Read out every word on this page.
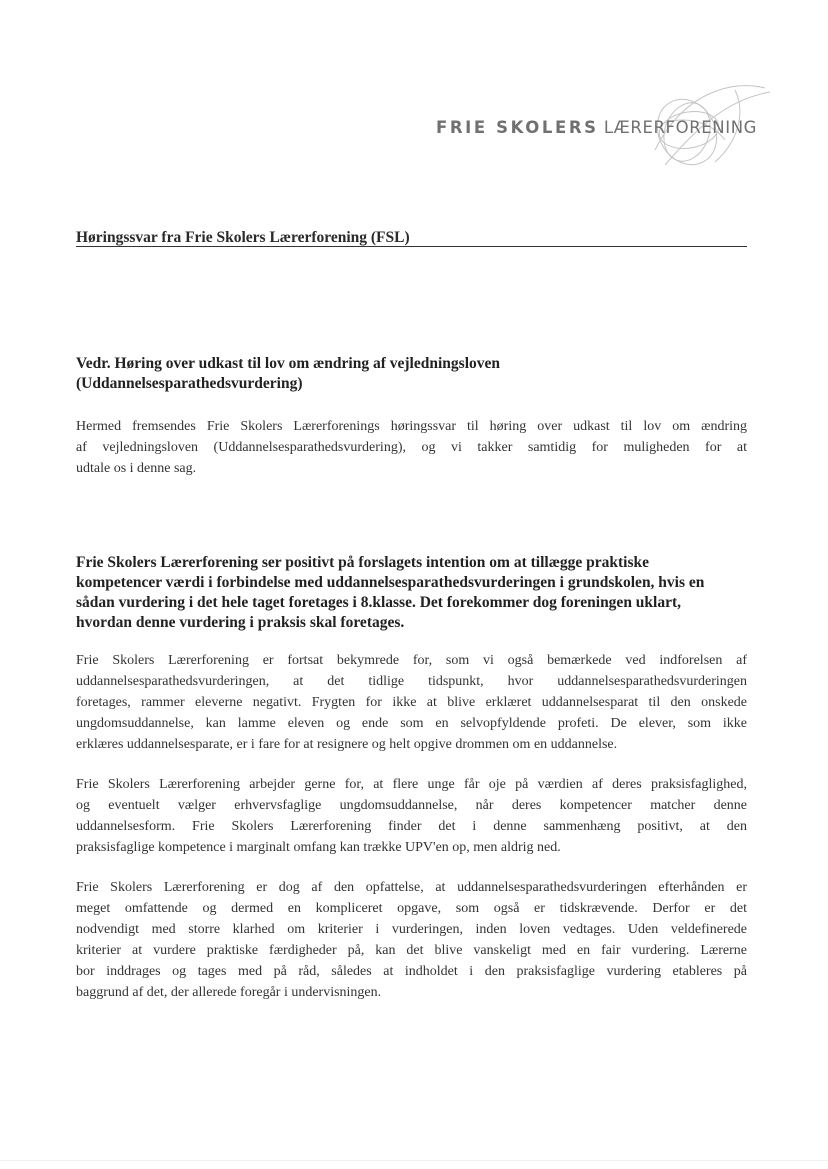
FRIE SKOLERS LÆRERFORENING
Høringssvar fra Frie Skolers Lærerforening (FSL)
Vedr. Høring over udkast til lov om ændring af vejledningsloven
(Uddannelsesparathedsvurdering)
Hermed fremsendes Frie Skolers Lærerforenings høringssvar til høring over udkast til lov om ændring
af vejledningsloven (Uddannelsesparathedsvurdering), og vi takker samtidig for muligheden for at
udtale os i denne sag.
Frie Skolers Lærerforening ser positivt på forslagets intention om at tillægge praktiske
kompetencer værdi i forbindelse med uddannelsesparathedsvurderingen i grundskolen, hvis en
sådan vurdering i det hele taget foretages i 8.klasse. Det forekommer dog foreningen uklart,
hvordan denne vurdering i praksis skal foretages.
Frie Skolers Lærerforening er fortsat bekymrede for, som vi også bemærkede ved indforelsen af
uddannelsesparathedsvurderingen, at det tidlige tidspunkt, hvor uddannelsesparathedsvurderingen
foretages, rammer eleverne negativt. Frygten for ikke at blive erklæret uddannelsesparat til den onskede
ungdomsuddannelse, kan lamme eleven og ende som en selvopfyldende profeti. De elever, som ikke
erklæres uddannelsesparate, er i fare for at resignere og helt opgive drommen om en uddannelse.
Frie Skolers Lærerforening arbejder gerne for, at flere unge får oje på værdien af deres praksisfaglighed,
og eventuelt vælger erhvervsfaglige ungdomsuddannelse, når deres kompetencer matcher denne
uddannelsesform. Frie Skolers Lærerforening finder det i denne sammenhæng positivt, at den
praksisfaglige kompetence i marginalt omfang kan trække UPV'en op, men aldrig ned.
Frie Skolers Lærerforening er dog af den opfattelse, at uddannelsesparathedsvurderingen efterhånden er
meget omfattende og dermed en kompliceret opgave, som også er tidskrævende. Derfor er det
nodvendigt med storre klarhed om kriterier i vurderingen, inden loven vedtages. Uden veldefinerede
kriterier at vurdere praktiske færdigheder på, kan det blive vanskeligt med en fair vurdering. Lærerne
bor inddrages og tages med på råd, således at indholdet i den praksisfaglige vurdering etableres på
baggrund af det, der allerede foregår i undervisningen.
